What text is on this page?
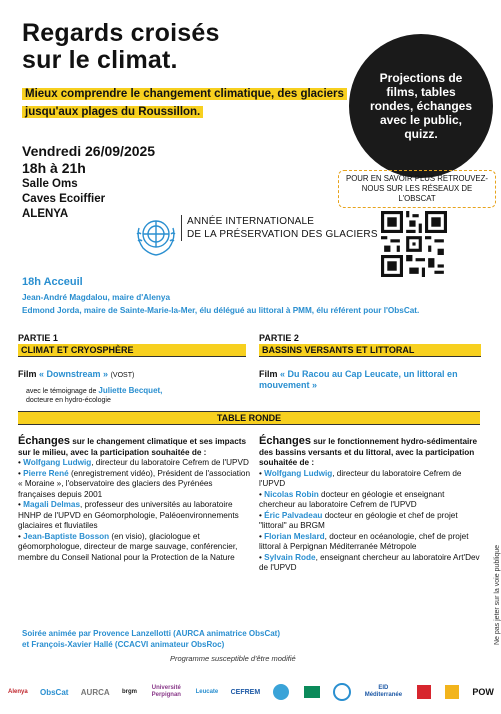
Regards croisés
sur le climat.
Mieux comprendre le changement climatique, des glaciers jusqu'aux plages du Roussillon.
Projections de films, tables rondes, échanges avec le public, quizz.
Vendredi 26/09/2025
18h à 21h
Salle Oms
Caves Ecoiffier
ALENYA
POUR EN SAVOIR PLUS RETROUVEZ-NOUS SUR LES RÉSEAUX DE L'OBSCAT
ANNÉE INTERNATIONALE
DE LA PRÉSERVATION DES GLACIERS
18h Acceuil
Jean-André Magdalou, maire d'Alenya
Edmond Jorda, maire de Sainte-Marie-la-Mer, élu délégué au littoral à PMM, élu référent pour l'ObsCat.
PARTIE 1
CLIMAT ET CRYOSPHÈRE
Film « Downstream » (VOST)
avec le témoignage de Juliette Becquet,
docteure en hydro-écologie
PARTIE 2
BASSINS VERSANTS ET LITTORAL
Film « Du Racou au Cap Leucate, un littoral en mouvement »
TABLE RONDE
Échanges sur le changement climatique et ses impacts sur le milieu, avec la participation souhaitée de :
• Wolfgang Ludwig, directeur du laboratoire Cefrem de l'UPVD
• Pierre René (enregistrement vidéo), Président de l'association « Moraine », l'observatoire des glaciers des Pyrénées françaises depuis 2001
• Magali Delmas, professeur des universités au laboratoire HNHP de l'UPVD en Géomorphologie, Paléoenvironnements glaciaires et fluviatiles
• Jean-Baptiste Bosson (en visio), glaciologue et géomorphologue, directeur de marge sauvage, conférencier, membre du Conseil National pour la Protection de la Nature
Échanges sur le fonctionnement hydro-sédimentaire des bassins versants et du littoral, avec la participation souhaitée de :
• Wolfgang Ludwig, directeur du laboratoire Cefrem de l'UPVD
• Nicolas Robin docteur en géologie et enseignant chercheur au laboratoire Cefrem de l'UPVD
• Éric Palvadeau docteur en géologie et chef de projet "littoral" au BRGM
• Florian Meslard, docteur en océanologie, chef de projet littoral à Perpignan Méditerranée Métropole
• Sylvain Rode, enseignant chercheur au laboratoire Art'Dev de l'UPVD
Soirée animée par Provence Lanzellotti (AURCA animatrice ObsCat)
et François-Xavier Hallé (CCACVI animateur ObsRoc)
Programme susceptible d'être modifié
Ne pas jeter sur la voie publique
Alenya ObsCat AURCA brgm
Université Perpignan	Leucate CEFREM
EID Méditerranée	POW
